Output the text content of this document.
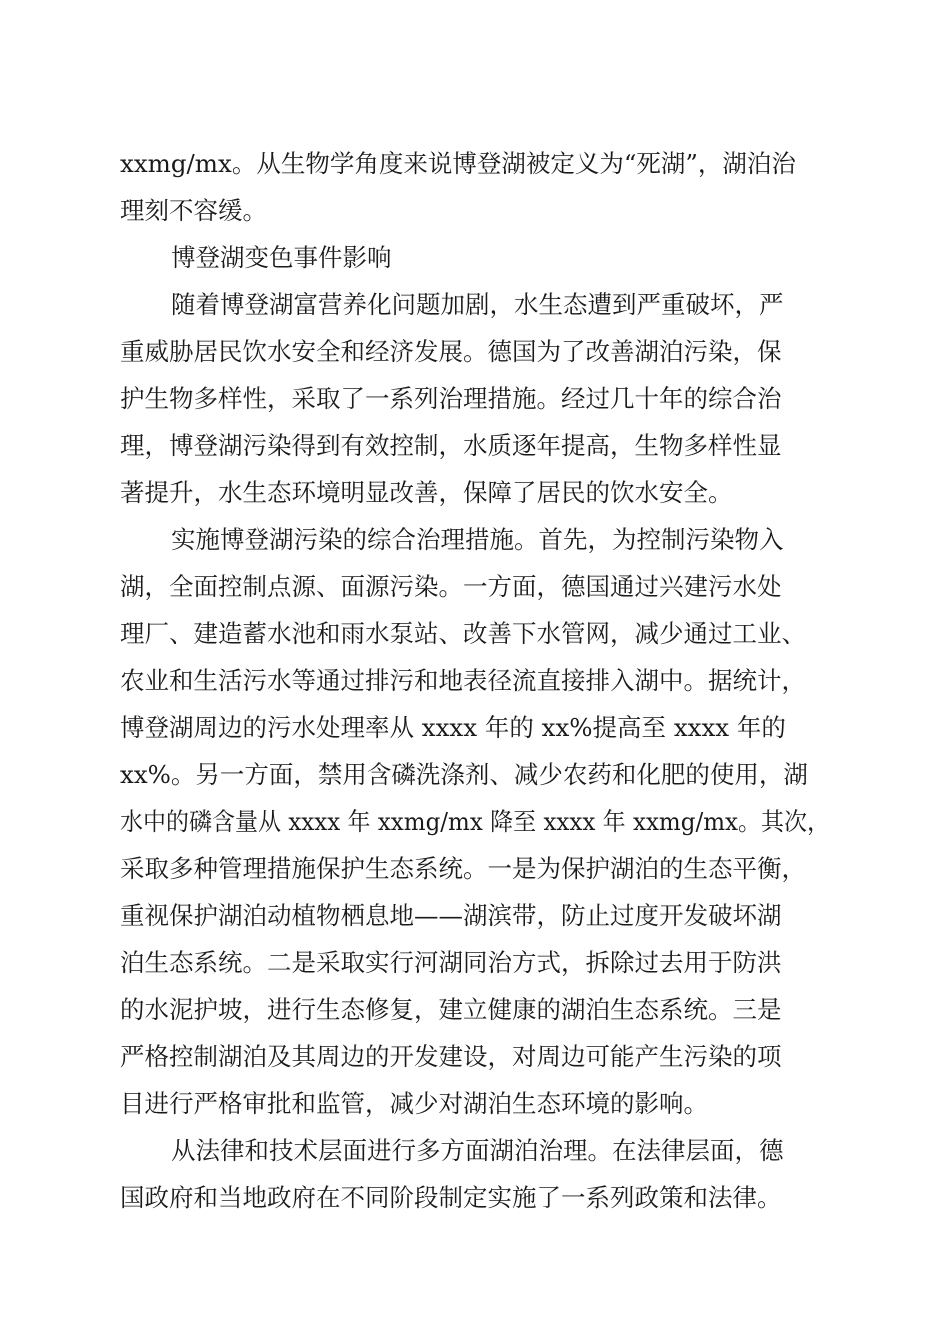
xxmg/mx。从生物学角度来说博登湖被定义为“死湖”，湖泊治
理刻不容缓。
博登湖变色事件影响
随着博登湖富营养化问题加剧，水生态遭到严重破坏，严
重威胁居民饮水安全和经济发展。德国为了改善湖泊污染，保
护生物多样性，采取了一系列治理措施。经过几十年的综合治
理，博登湖污染得到有效控制，水质逐年提高，生物多样性显
著提升，水生态环境明显改善，保障了居民的饮水安全。
实施博登湖污染的综合治理措施。首先，为控制污染物入
湖，全面控制点源、面源污染。一方面，德国通过兴建污水处
理厂、建造蓄水池和雨水泵站、改善下水管网，减少通过工业、
农业和生活污水等通过排污和地表径流直接排入湖中。据统计，
博登湖周边的污水处理率从 xxxx 年的 xx%提高至 xxxx 年的
xx%。另一方面，禁用含磷洗涤剂、减少农药和化肥的使用，湖
水中的磷含量从 xxxx 年 xxmg/mx 降至 xxxx 年 xxmg/mx。其次，
采取多种管理措施保护生态系统。一是为保护湖泊的生态平衡，
重视保护湖泊动植物栖息地——湖滨带，防止过度开发破坏湖
泊生态系统。二是采取实行河湖同治方式，拆除过去用于防洪
的水泥护坡，进行生态修复，建立健康的湖泊生态系统。三是
严格控制湖泊及其周边的开发建设，对周边可能产生污染的项
目进行严格审批和监管，减少对湖泊生态环境的影响。
从法律和技术层面进行多方面湖泊治理。在法律层面，德
国政府和当地政府在不同阶段制定实施了一系列政策和法律。
